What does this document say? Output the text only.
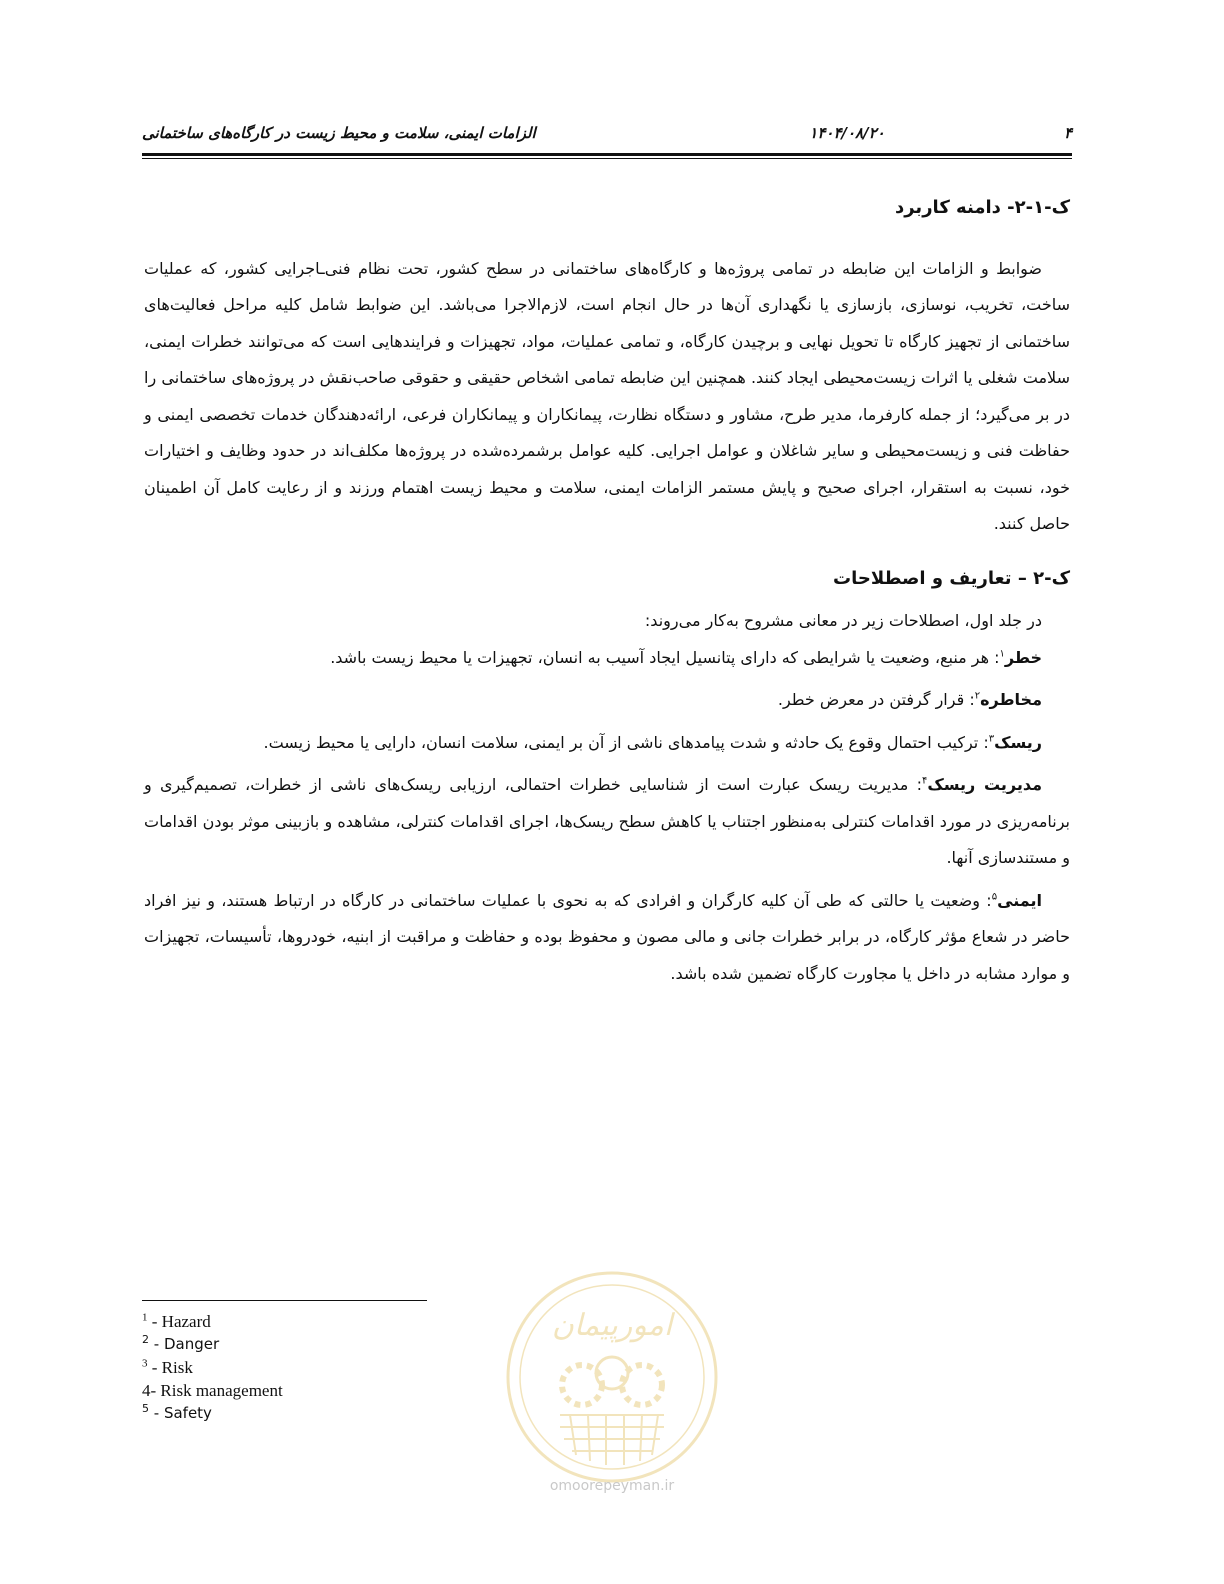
۴
۱۴۰۴/۰۸/۲۰
الزامات ایمنی، سلامت و محیط زیست در کارگاه‌های ساختمانی
ک-۱-۲- دامنه کاربرد

ضوابط و الزامات این ضابطه در تمامی پروژه‌ها و کارگاه‌های ساختمانی در سطح کشور، تحت نظام فنی‌ـاجرایی کشور، که عملیات ساخت، تخریب، نوسازی، بازسازی یا نگهداری آن‌ها در حال انجام است، لازم‌الاجرا می‌باشد. این ضوابط شامل کلیه مراحل فعالیت‌های ساختمانی از تجهیز کارگاه تا تحویل نهایی و برچیدن کارگاه، و تمامی عملیات، مواد، تجهیزات و فرایندهایی است که می‌توانند خطرات ایمنی، سلامت شغلی یا اثرات زیست‌محیطی ایجاد کنند. همچنین این ضابطه تمامی اشخاص حقیقی و حقوقی صاحب‌نقش در پروژه‌های ساختمانی را در بر می‌گیرد؛ از جمله کارفرما، مدیر طرح، مشاور و دستگاه نظارت، پیمانکاران و پیمانکاران فرعی، ارائه‌دهندگان خدمات تخصصی ایمنی و حفاظت فنی و زیست‌محیطی و سایر شاغلان و عوامل اجرایی. کلیه عوامل برشمرده‌شده در پروژه‌ها مکلف‌اند در حدود وظایف و اختیارات خود، نسبت به استقرار، اجرای صحیح و پایش مستمر الزامات ایمنی، سلامت و محیط زیست اهتمام ورزند و از رعایت کامل آن اطمینان حاصل کنند.

ک-۲ – تعاریف و اصطلاحات

در جلد اول، اصطلاحات زیر در معانی مشروح به‌کار می‌روند:

خطر$^۱$: هر منبع، وضعیت یا شرایطی که دارای پتانسیل ایجاد آسیب به انسان، تجهیزات یا محیط زیست باشد.

مخاطره$^۲$: قرار گرفتن در معرض خطر.

ریسک$^۳$: ترکیب احتمال وقوع یک حادثه و شدت پیامدهای ناشی از آن بر ایمنی، سلامت انسان، دارایی یا محیط زیست.

مدیریت ریسک$^۴$: مدیریت ریسک عبارت است از شناسایی خطرات احتمالی، ارزیابی ریسک‌های ناشی از خطرات، تصمیم‌گیری و برنامه‌ریزی در مورد اقدامات کنترلی به‌منظور اجتناب یا کاهش سطح ریسک‌ها، اجرای اقدامات کنترلی، مشاهده و بازبینی موثر بودن اقدامات و مستندسازی آنها.

ایمنی$^۵$: وضعیت یا حالتی که طی آن کلیه کارگران و افرادی که به نحوی با عملیات ساختمانی در کارگاه در ارتباط هستند، و نیز افراد حاضر در شعاع مؤثر کارگاه، در برابر خطرات جانی و مالی مصون و محفوظ بوده و حفاظت و مراقبت از ابنیه، خودروها، تأسیسات، تجهیزات و موارد مشابه در داخل یا مجاورت کارگاه تضمین شده باشد.

$^1$ - Hazard
$^2$ - Danger
$^3$ - Risk
4- Risk management
$^5$ - Safety
امورپیمان
omoorepeyman.ir
